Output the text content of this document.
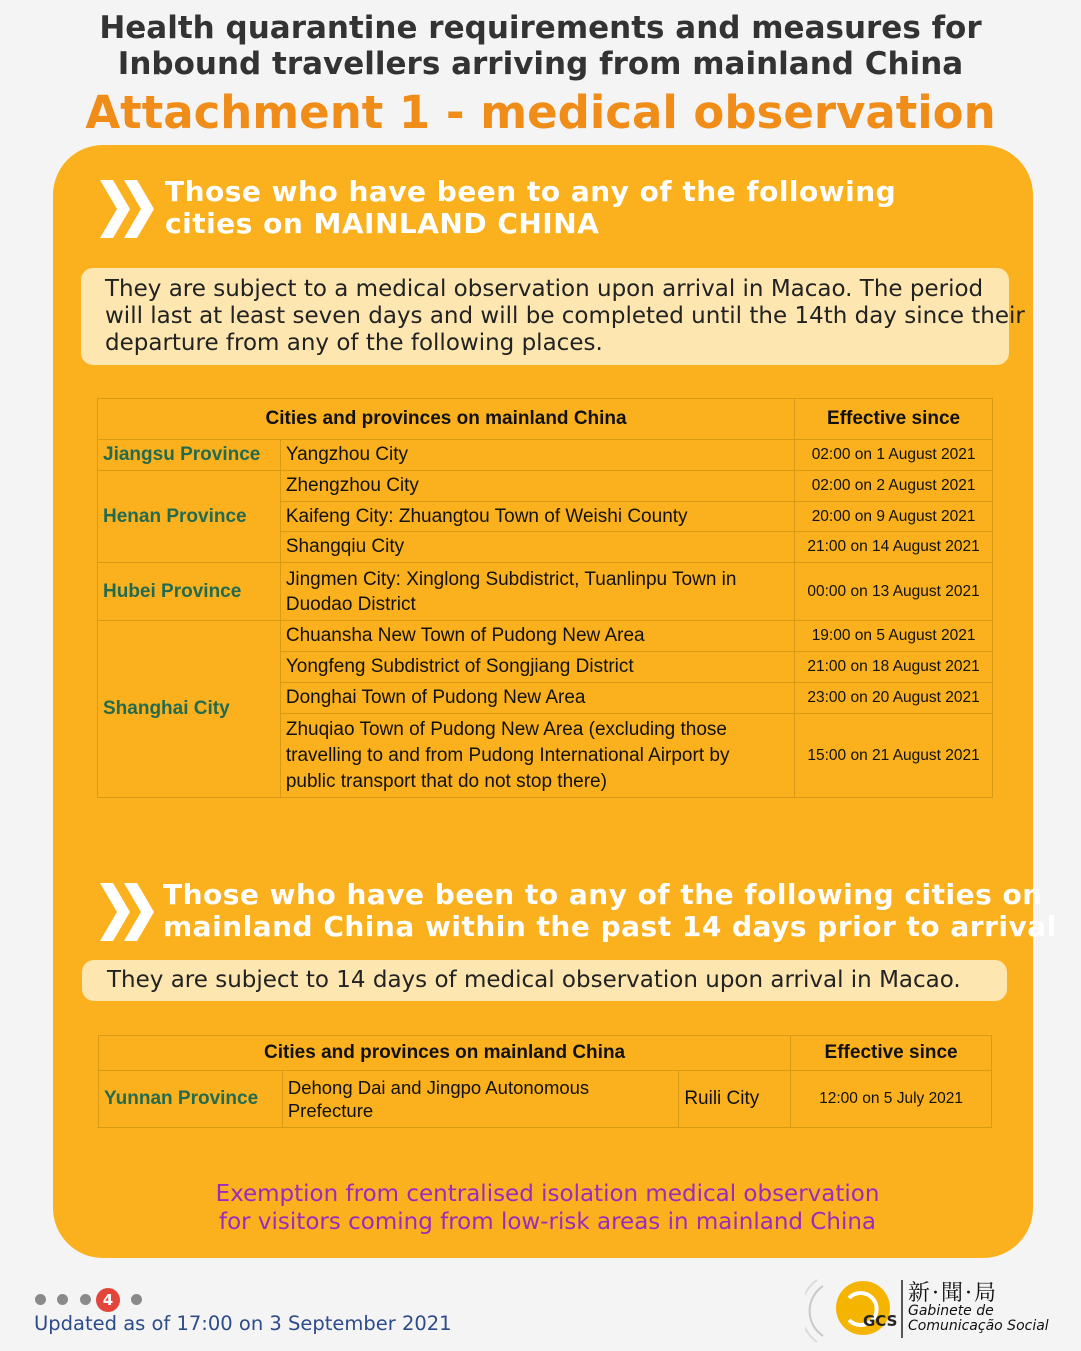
Health quarantine requirements and measures for
Inbound travellers arriving from mainland China
Attachment 1 - medical observation
Those who have been to any of the following
cities on MAINLAND CHINA
They are subject to a medical observation upon arrival in Macao. The period
will last at least seven days and will be completed until the 14th day since their
departure from any of the following places.
Cities and provinces on mainland China		Effective since
Jiangsu Province	Yangzhou City	02:00 on 1 August 2021
Henan Province	Zhengzhou City	02:00 on 2 August 2021
	Kaifeng City: Zhuangtou Town of Weishi County	20:00 on 9 August 2021
	Shangqiu City	21:00 on 14 August 2021
Hubei Province	Jingmen City: Xinglong Subdistrict, Tuanlinpu Town in
Duodao District	00:00 on 13 August 2021
Shanghai City	Chuansha New Town of Pudong New Area	19:00 on 5 August 2021
	Yongfeng Subdistrict of Songjiang District	21:00 on 18 August 2021
	Donghai Town of Pudong New Area	23:00 on 20 August 2021

	Zhuqiao Town of Pudong New Area (excluding those
travelling to and from Pudong International Airport by
public transport that do not stop there)	15:00 on 21 August 2021
Those who have been to any of the following cities on
mainland China within the past 14 days prior to arrival
They are subject to 14 days of medical observation upon arrival in Macao.
Cities and provinces on mainland China			Effective since
Yunnan Province	Dehong Dai and Jingpo Autonomous
Prefecture	Ruili City	12:00 on 5 July 2021
Exemption from centralised isolation medical observation
for visitors coming from low-risk areas in mainland China
4
Updated as of 17:00 on 3 September 2021	GCS
新·聞·局
Gabinete de
Comunicação Social
